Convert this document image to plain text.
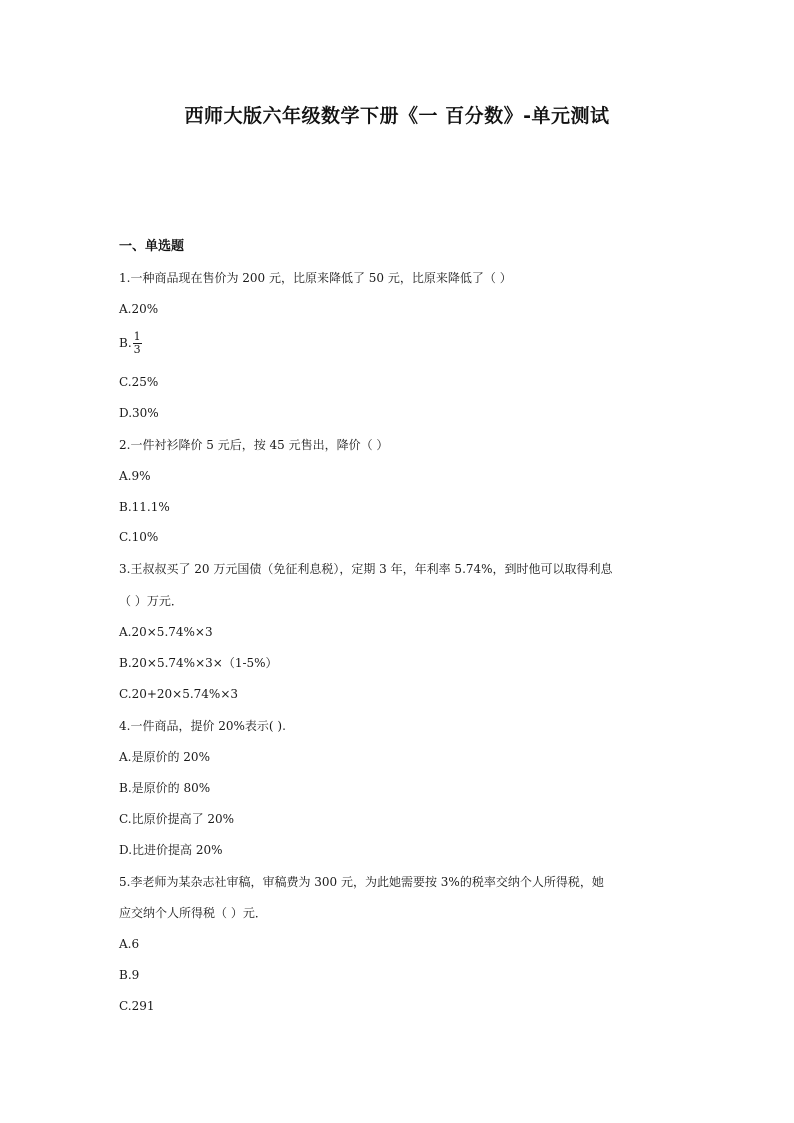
西师大版六年级数学下册《一 百分数》-单元测试
一、单选题
1.一种商品现在售价为 200 元，比原来降低了 50 元，比原来降低了（ ）
A.20%
B. $\frac{1}{3}$
C.25%
D.30%
2.一件衬衫降价 5 元后，按 45 元售出，降价（ ）
A.9%
B.11.1%
C.10%
3.王叔叔买了 20 万元国债（免征利息税），定期 3 年，年利率 5.74%，到时他可以取得利息
（ ）万元．
A.20×5.74%×3
B.20×5.74%×3×（1-5%）
C.20+20×5.74%×3
4.一件商品，提价 20%表示( ).
A.是原价的 20%
B.是原价的 80%
C.比原价提高了 20%
D.比进价提高 20%
5.李老师为某杂志社审稿，审稿费为 300 元，为此她需要按 3%的税率交纳个人所得税，她
应交纳个人所得税（ ）元．
A.6
B.9
C.291
